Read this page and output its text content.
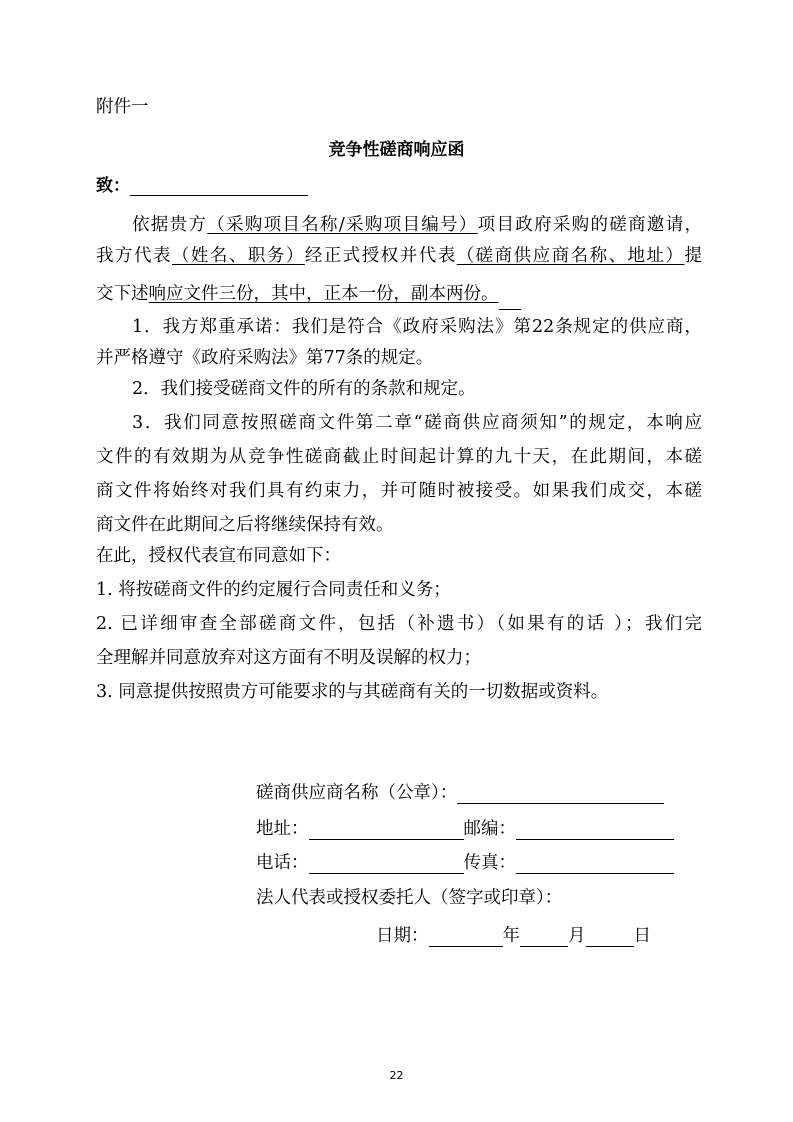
附件一
竞争性磋商响应函
致：
依据贵方（采购项目名称/采购项目编号）项目政府采购的磋商邀请，
我方代表（姓名、职务）经正式授权并代表（磋商供应商名称、地址）提
交下述响应文件三份，其中，正本一份，副本两份。
1．我方郑重承诺：我们是符合《政府采购法》第22条规定的供应商，
并严格遵守《政府采购法》第77条的规定。
2．我们接受磋商文件的所有的条款和规定。
3．我们同意按照磋商文件第二章“磋商供应商须知”的规定，本响应
文件的有效期为从竞争性磋商截止时间起计算的九十天，在此期间，本磋
商文件将始终对我们具有约束力，并可随时被接受。如果我们成交，本磋
商文件在此期间之后将继续保持有效。
在此，授权代表宣布同意如下：
1. 将按磋商文件的约定履行合同责任和义务；
2. 已详细审查全部磋商文件，包括（补遗书）（如果有的话 ）；我们完
全理解并同意放弃对这方面有不明及误解的权力；
3. 同意提供按照贵方可能要求的与其磋商有关的一切数据或资料。
磋商供应商名称（公章）：
地址：	邮编：
电话：	传真：
法人代表或授权委托人（签字或印章）：
日期：	年	月	日
22
